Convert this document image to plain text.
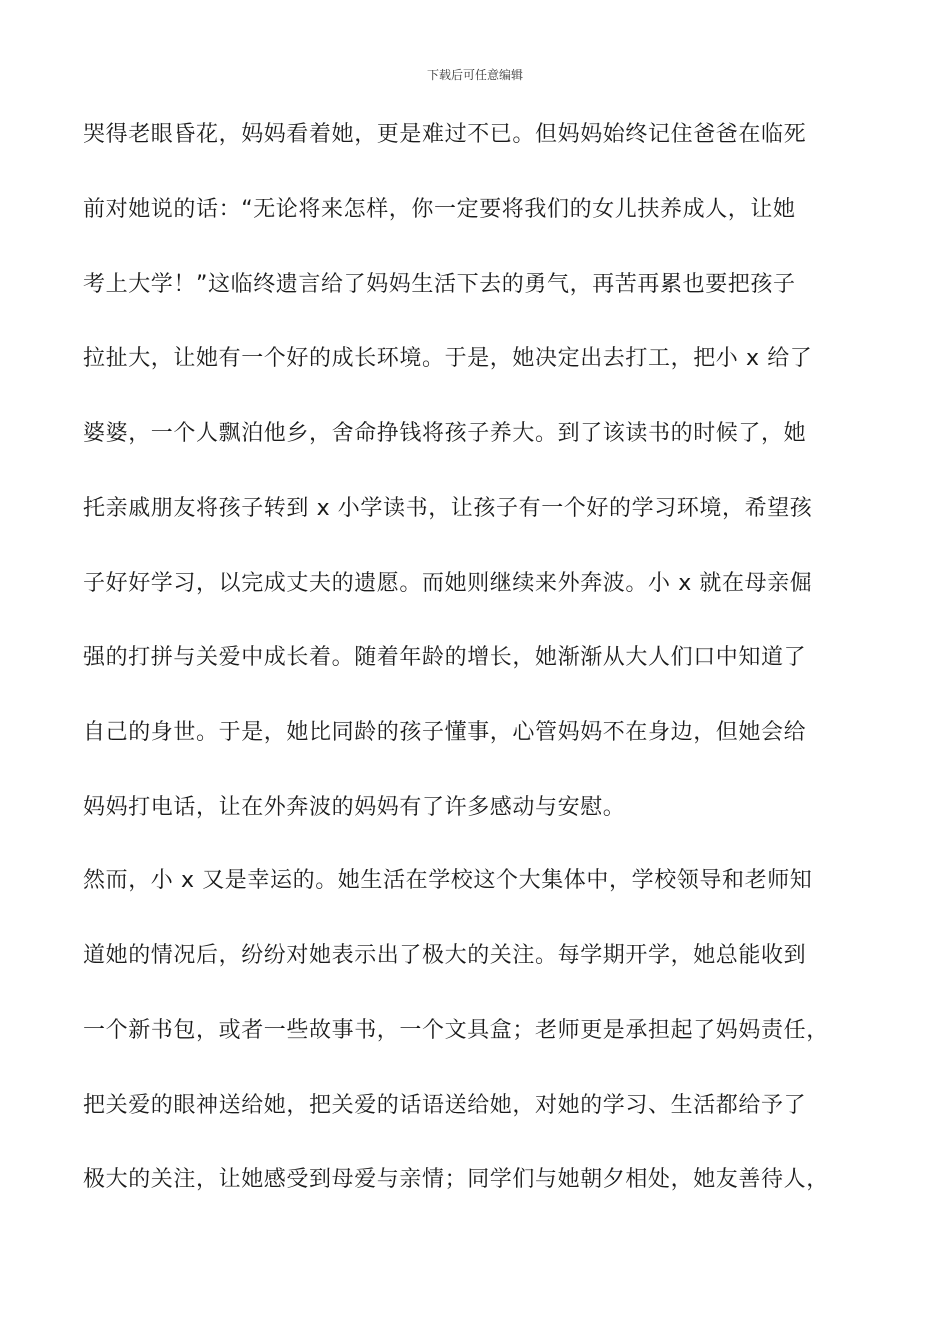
下载后可任意编辑
哭得老眼昏花，妈妈看着她，更是难过不已。但妈妈始终记住爸爸在临死
前对她说的话：“无论将来怎样，你一定要将我们的女儿扶养成人，让她
考上大学！”这临终遗言给了妈妈生活下去的勇气，再苦再累也要把孩子
拉扯大，让她有一个好的成长环境。于是，她决定出去打工，把小 x 给了
婆婆，一个人飘泊他乡，舍命挣钱将孩子养大。到了该读书的时候了，她
托亲戚朋友将孩子转到 x 小学读书，让孩子有一个好的学习环境，希望孩
子好好学习，以完成丈夫的遗愿。而她则继续来外奔波。小 x 就在母亲倔
强的打拼与关爱中成长着。随着年龄的增长，她渐渐从大人们口中知道了
自己的身世。于是，她比同龄的孩子懂事，心管妈妈不在身边，但她会给
妈妈打电话，让在外奔波的妈妈有了许多感动与安慰。
然而，小 x 又是幸运的。她生活在学校这个大集体中，学校领导和老师知
道她的情况后，纷纷对她表示出了极大的关注。每学期开学，她总能收到
一个新书包，或者一些故事书，一个文具盒；老师更是承担起了妈妈责任，
把关爱的眼神送给她，把关爱的话语送给她，对她的学习、生活都给予了
极大的关注，让她感受到母爱与亲情；同学们与她朝夕相处，她友善待人，
